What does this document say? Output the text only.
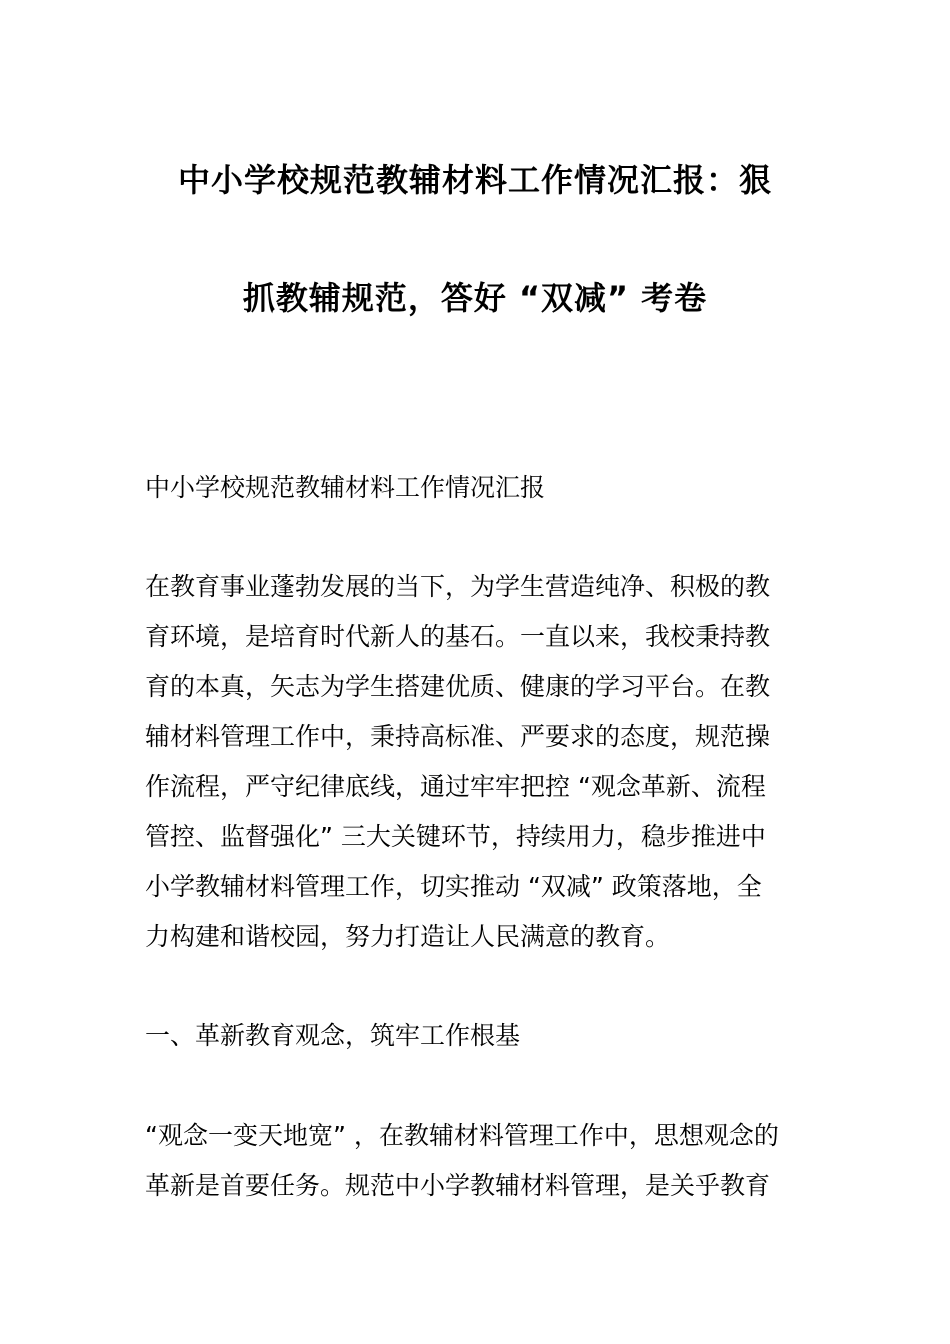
中小学校规范教辅材料工作情况汇报：狠
抓教辅规范，答好 “双减” 考卷
中小学校规范教辅材料工作情况汇报
在教育事业蓬勃发展的当下，为学生营造纯净、积极的教
育环境，是培育时代新人的基石。一直以来，我校秉持教
育的本真，矢志为学生搭建优质、健康的学习平台。在教
辅材料管理工作中，秉持高标准、严要求的态度，规范操
作流程，严守纪律底线，通过牢牢把控 “观念革新、流程
管控、监督强化” 三大关键环节，持续用力，稳步推进中
小学教辅材料管理工作，切实推动 “双减” 政策落地，全
力构建和谐校园，努力打造让人民满意的教育。
一、革新教育观念，筑牢工作根基
“观念一变天地宽” ，在教辅材料管理工作中，思想观念的
革新是首要任务。规范中小学教辅材料管理，是关乎教育
